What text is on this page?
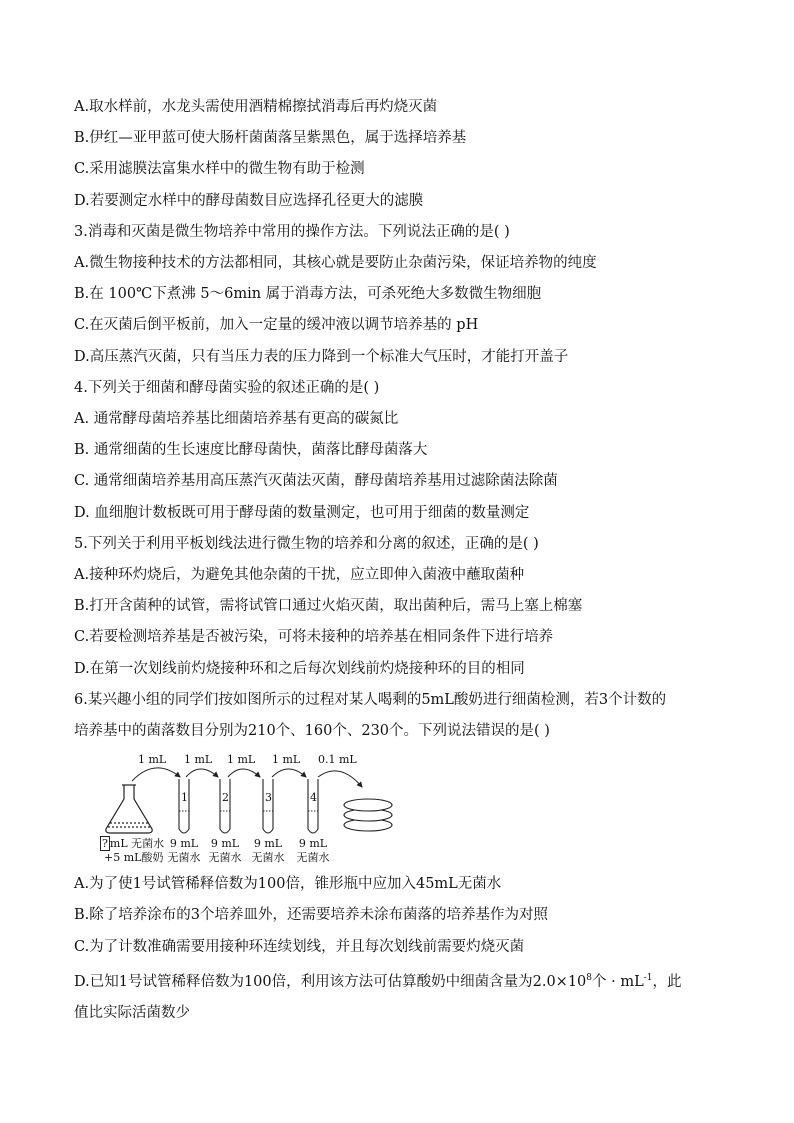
A.取水样前，水龙头需使用酒精棉擦拭消毒后再灼烧灭菌
B.伊红—亚甲蓝可使大肠杆菌菌落呈紫黑色，属于选择培养基
C.采用滤膜法富集水样中的微生物有助于检测
D.若要测定水样中的酵母菌数目应选择孔径更大的滤膜
3.消毒和灭菌是微生物培养中常用的操作方法。下列说法正确的是( )
A.微生物接种技术的方法都相同，其核心就是要防止杂菌污染，保证培养物的纯度
B.在 100℃下煮沸 5～6min 属于消毒方法，可杀死绝大多数微生物细胞
C.在灭菌后倒平板前，加入一定量的缓冲液以调节培养基的 pH
D.高压蒸汽灭菌，只有当压力表的压力降到一个标准大气压时，才能打开盖子
4.下列关于细菌和酵母菌实验的叙述正确的是( )
A. 通常酵母菌培养基比细菌培养基有更高的碳氮比
B. 通常细菌的生长速度比酵母菌快，菌落比酵母菌落大
C. 通常细菌培养基用高压蒸汽灭菌法灭菌，酵母菌培养基用过滤除菌法除菌
D. 血细胞计数板既可用于酵母菌的数量测定，也可用于细菌的数量测定
5.下列关于利用平板划线法进行微生物的培养和分离的叙述，正确的是( )
A.接种环灼烧后，为避免其他杂菌的干扰，应立即伸入菌液中蘸取菌种
B.打开含菌种的试管，需将试管口通过火焰灭菌，取出菌种后，需马上塞上棉塞
C.若要检测培养基是否被污染，可将未接种的培养基在相同条件下进行培养
D.在第一次划线前灼烧接种环和之后每次划线前灼烧接种环的目的相同
6.某兴趣小组的同学们按如图所示的过程对某人喝剩的5mL酸奶进行细菌检测，若3个计数的
培养基中的菌落数目分别为210个、160个、230个。下列说法错误的是( )
1 mL 1 mL 1 mL 1 mL 0.1 mL
1	2	3	4
? mL 无菌水
+5 mL酸奶
9 mL
无菌水
9 mL
无菌水
9 mL
无菌水
9 mL
无菌水
A.为了使1号试管稀释倍数为100倍，锥形瓶中应加入45mL无菌水
B.除了培养涂布的3个培养皿外，还需要培养未涂布菌落的培养基作为对照
C.为了计数准确需要用接种环连续划线，并且每次划线前需要灼烧灭菌
D.已知1号试管稀释倍数为100倍，利用该方法可估算酸奶中细菌含量为$2.0\times 10^8$个 · $mL^{-1}$，此
值比实际活菌数少
